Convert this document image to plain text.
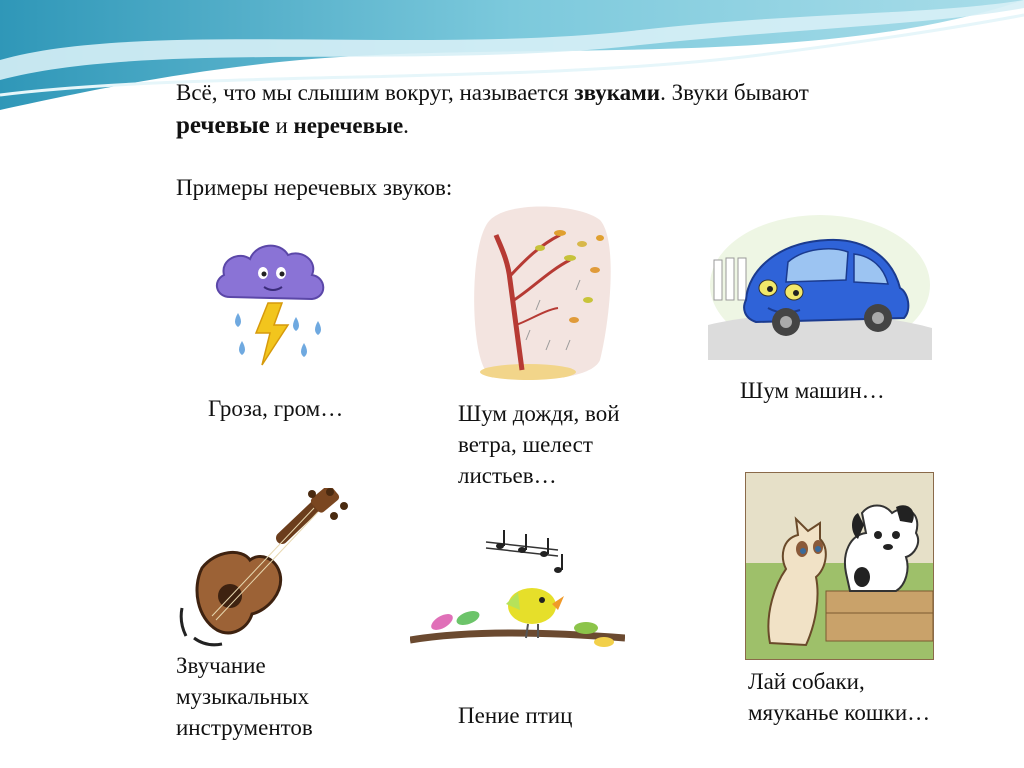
Всё, что мы слышим вокруг, называется звуками. Звуки бывают
речевые и неречевые.

Примеры неречевых звуков:

Гроза, гром…	Шум дождя, вой
ветра, шелест
листьев…

Шум машин…

Звучание
музыкальных
инструментов	Пение птиц

Лай собаки,
мяуканье кошки…
